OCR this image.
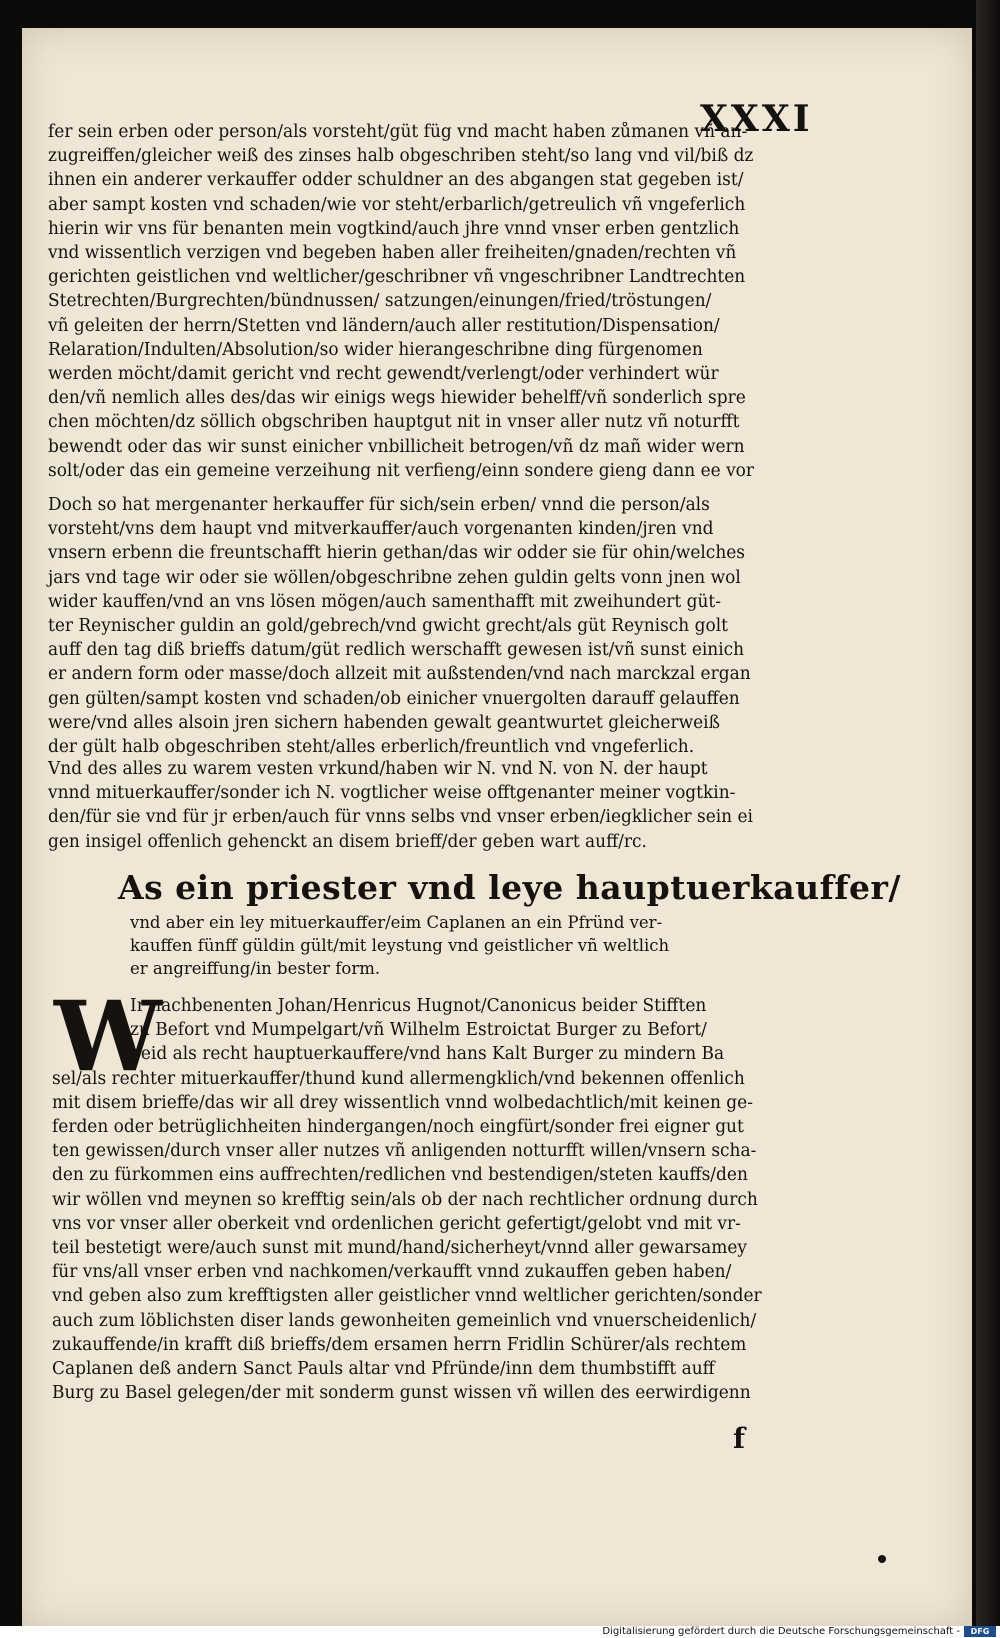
XXXI
fer sein erben oder person/als vorsteht/güt füg vnd macht haben zůmanen vñ an-
zugreiffen/gleicher weiß des zinses halb obgeschriben steht/so lang vnd vil/biß dz
ihnen ein anderer verkauffer odder schuldner an des abgangen stat gegeben ist/
aber sampt kosten vnd schaden/wie vor steht/erbarlich/getreulich vñ vngeferlich
hierin wir vns für benanten mein vogtkind/auch jhre vnnd vnser erben gentzlich
vnd wissentlich verzigen vnd begeben haben aller freiheiten/gnaden/rechten vñ
gerichten geistlichen vnd weltlicher/geschribner vñ vngeschribner Landtrechten
Stetrechten/Burgrechten/bündnussen/ satzungen/einungen/fried/tröstungen/
vñ geleiten der herrn/Stetten vnd ländern/auch aller restitution/Dispensation/
Relaration/Indulten/Absolution/so wider hierangeschribne ding fürgenomen
werden möcht/damit gericht vnd recht gewendt/verlengt/oder verhindert wür
den/vñ nemlich alles des/das wir einigs wegs hiewider behelff/vñ sonderlich spre
chen möchten/dz söllich obgschriben hauptgut nit in vnser aller nutz vñ noturfft
bewendt oder das wir sunst einicher vnbillicheit betrogen/vñ dz mañ wider wern
solt/oder das ein gemeine verzeihung nit verfieng/einn sondere gieng dann ee vor
Doch so hat mergenanter herkauffer für sich/sein erben/ vnnd die person/als
vorsteht/vns dem haupt vnd mitverkauffer/auch vorgenanten kinden/jren vnd
vnsern erbenn die freuntschafft hierin gethan/das wir odder sie für ohin/welches
jars vnd tage wir oder sie wöllen/obgeschribne zehen guldin gelts vonn jnen wol
wider kauffen/vnd an vns lösen mögen/auch samenthafft mit zweihundert güt-
ter Reynischer guldin an gold/gebrech/vnd gwicht grecht/als güt Reynisch golt
auff den tag diß brieffs datum/güt redlich werschafft gewesen ist/vñ sunst einich
er andern form oder masse/doch allzeit mit außstenden/vnd nach marckzal ergan
gen gülten/sampt kosten vnd schaden/ob einicher vnuergolten darauff gelauffen
were/vnd alles alsoin jren sichern habenden gewalt geantwurtet gleicherweiß
der gült halb obgeschriben steht/alles erberlich/freuntlich vnd vngeferlich.
Vnd des alles zu warem vesten vrkund/haben wir N. vnd N. von N. der haupt
vnnd mituerkauffer/sonder ich N. vogtlicher weise offtgenanter meiner vogtkin-
den/für sie vnd für jr erben/auch für vnns selbs vnd vnser erben/iegklicher sein ei
gen insigel offenlich gehenckt an disem brieff/der geben wart auff/rc.
As ein priester vnd leye hauptuerkauffer/
vnd aber ein ley mituerkauffer/eim Caplanen an ein Pfründ ver-
kauffen fünff güldin gült/mit leystung vnd geistlicher vñ weltlich
er angreiffung/in bester form.
W
Ir nachbenenten Johan/Henricus Hugnot/Canonicus beider Stifften
zu Befort vnd Mumpelgart/vñ Wilhelm Estroictat Burger zu Befort/
beid als recht hauptuerkauffere/vnd hans Kalt Burger zu mindern Ba
sel/als rechter mituerkauffer/thund kund allermengklich/vnd bekennen offenlich
mit disem brieffe/das wir all drey wissentlich vnnd wolbedachtlich/mit keinen ge-
ferden oder betrüglichheiten hindergangen/noch eingfürt/sonder frei eigner gut
ten gewissen/durch vnser aller nutzes vñ anligenden notturfft willen/vnsern scha-
den zu fürkommen eins auffrechten/redlichen vnd bestendigen/steten kauffs/den
wir wöllen vnd meynen so krefftig sein/als ob der nach rechtlicher ordnung durch
vns vor vnser aller oberkeit vnd ordenlichen gericht gefertigt/gelobt vnd mit vr-
teil bestetigt were/auch sunst mit mund/hand/sicherheyt/vnnd aller gewarsamey
für vns/all vnser erben vnd nachkomen/verkaufft vnnd zukauffen geben haben/
vnd geben also zum krefftigsten aller geistlicher vnnd weltlicher gerichten/sonder
auch zum löblichsten diser lands gewonheiten gemeinlich vnd vnuerscheidenlich/
zukauffende/in krafft diß brieffs/dem ersamen herrn Fridlin Schürer/als rechtem
Caplanen deß andern Sanct Pauls altar vnd Pfründe/inn dem thumbstifft auff
Burg zu Basel gelegen/der mit sonderm gunst wissen vñ willen des eerwirdigenn
f
Digitalisierung gefördert durch die Deutsche Forschungsgemeinschaft -	DFG
